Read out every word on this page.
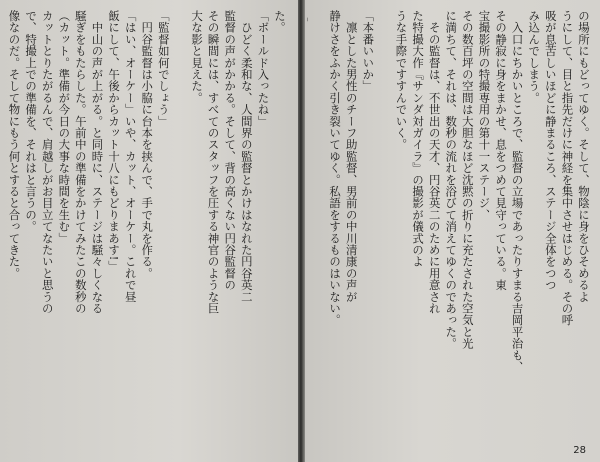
の場所にもどってゆく。そして、物陰に身をひそめるよ
うにして、目と指先だけに神経を集中させはじめる。その呼
吸が息苦しいほどに静まるころ、ステージ全体をつつ
み込んでしまう。
　入口にちかいところで、監督の立場であったりすまる吉岡平治も、
その静寂に身をまかせ、息をつめて見守っている。東
宝撮影所の特撮専用の第十一ステージ、
その数百坪の空間は大胆なほど沈黙の折りに充たされた空気と光
に満ちて、それは、数秒の流れを浴びて消えてゆくのであった。
　その監督は、不世出の天才、円谷英二のために用意され
た特撮大作『サンダ対ガイラ』の撮影が儀式のよ
うな手際ですすんでいく。

「本番いいか」
　凛とした男性のチーフ助監督、男前の中川清康の声が
静けさをふかく引き裂いてゆく。私語をするものはいない。

28
た。
「ボールド入ったね」
　ひどく柔和な、人間界の監督とかけはなれた円谷英二
監督の声がかかる。そして、背の高くない円谷監督の
その瞬間には、すべてのスタッフを圧する神官のような巨
大な影と見えた。

「監督如何でしょう」
　円谷監督は小脇に台本を挟んで、手で丸を作る。
「はい、オーケー」いや、カット、オーケー。これで昼
飯にして、午後からカット十八にもどりまあす!」
　中山の声が上がる。と同時に、ステージは騒々しくなる
騒ぎをもたらした。午前中の準備をかけてみたこの数秒の
（カット。準備が今日の大事な時間を生む」
カットとりたがるんで、肩越しがお目立てなたいと思うの
で、特撮上での準備を、それはと言うの。
像なのだ。そして物にもう何とすると合ってきた。
